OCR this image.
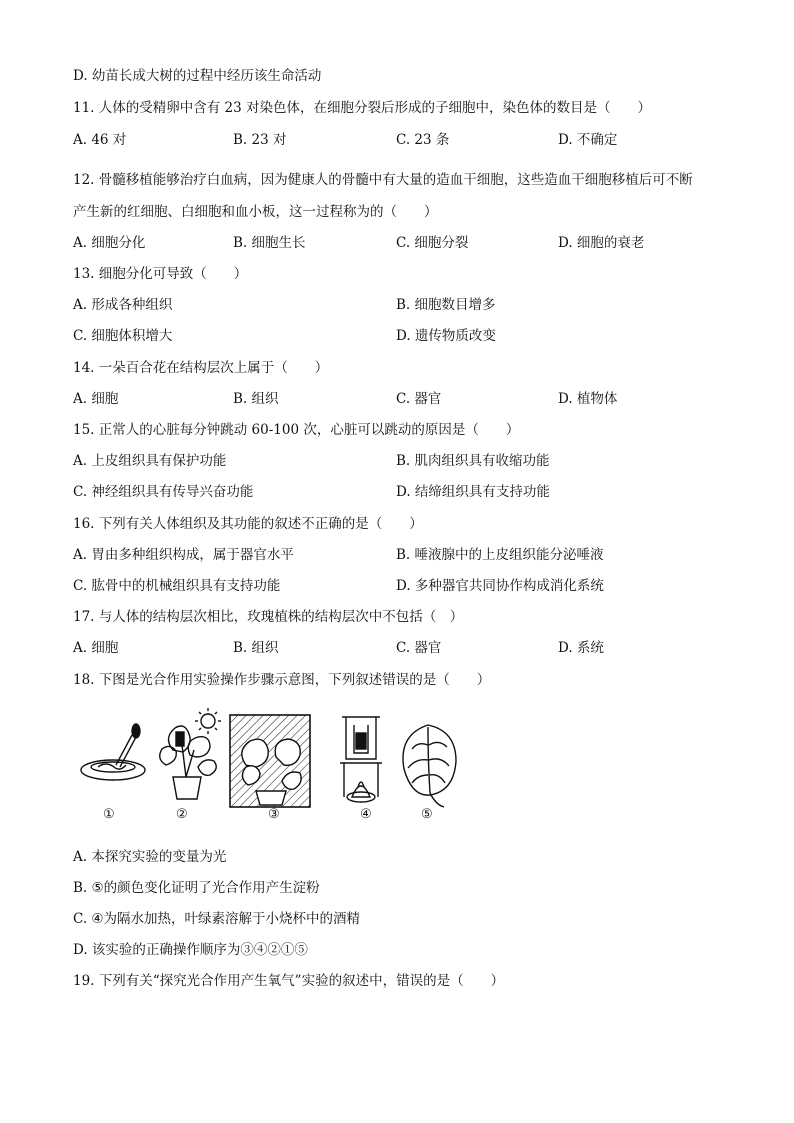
D. 幼苗长成大树的过程中经历该生命活动
11. 人体的受精卵中含有 23 对染色体，在细胞分裂后形成的子细胞中，染色体的数目是（　　）
A. 46 对	B. 23 对	C. 23 条	D. 不确定
12. 骨髓移植能够治疗白血病，因为健康人的骨髓中有大量的造血干细胞，这些造血干细胞移植后可不断
产生新的红细胞、白细胞和血小板，这一过程称为的（　　）
A. 细胞分化	B. 细胞生长	C. 细胞分裂	D. 细胞的衰老
13. 细胞分化可导致（　　）
A. 形成各种组织	B. 细胞数目增多
C. 细胞体积增大	D. 遗传物质改变
14. 一朵百合花在结构层次上属于（　　）
A. 细胞	B. 组织	C. 器官	D. 植物体
15. 正常人的心脏每分钟跳动 60-100 次，心脏可以跳动的原因是（　　）
A. 上皮组织具有保护功能	B. 肌肉组织具有收缩功能
C. 神经组织具有传导兴奋功能	D. 结缔组织具有支持功能
16. 下列有关人体组织及其功能的叙述不正确的是（　　）
A. 胃由多种组织构成，属于器官水平	B. 唾液腺中的上皮组织能分泌唾液
C. 肱骨中的机械组织具有支持功能	D. 多种器官共同协作构成消化系统
17. 与人体的结构层次相比，玫瑰植株的结构层次中不包括（　）
A. 细胞	B. 组织	C. 器官	D. 系统
18. 下图是光合作用实验操作步骤示意图，下列叙述错误的是（　　）
①	②	③	④	⑤
A. 本探究实验的变量为光
B. ⑤的颜色变化证明了光合作用产生淀粉
C. ④为隔水加热，叶绿素溶解于小烧杯中的酒精
D. 该实验的正确操作顺序为③④②①⑤
19. 下列有关“探究光合作用产生氧气”实验的叙述中，错误的是（　　）
